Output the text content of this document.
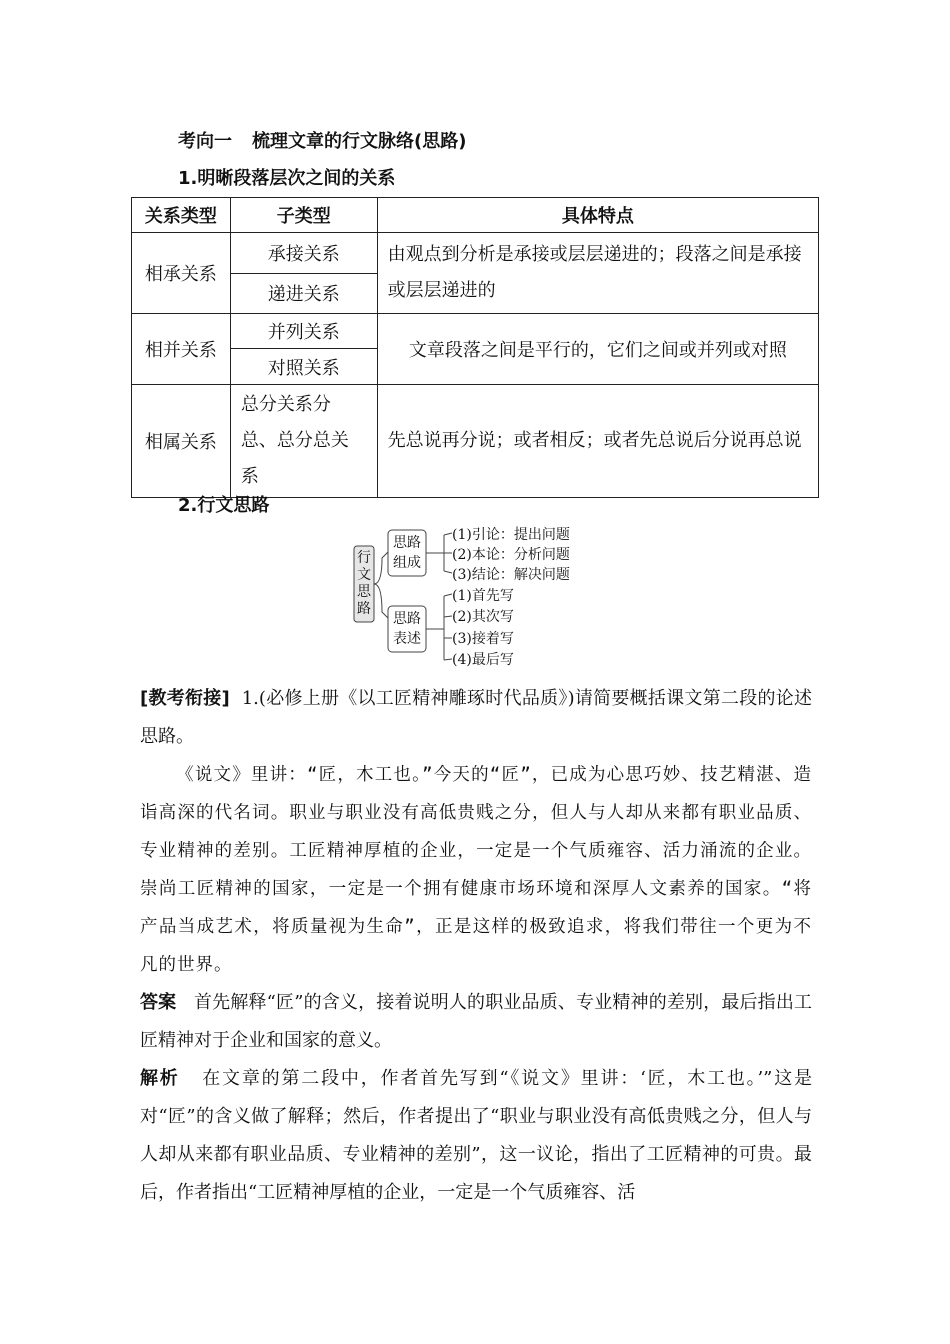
考向一 梳理文章的行文脉络(思路)
1.明晰段落层次之间的关系
关系类型	子类型	具体特点
相承关系	承接关系	由观点到分析是承接或层层递进的；段落之间是承接或层层递进的
	递进关系	
相并关系	并列关系	文章段落之间是平行的，它们之间或并列或对照
	对照关系	
相属关系	总分关系分总、总分总关系	先总说再分说；或者相反；或者先总说后分说再总说
2.行文思路
行文思路
思路组成
思路表述
(1)引论：提出问题
(2)本论：分析问题
(3)结论：解决问题
(1)首先写
(2)其次写
(3)接着写
(4)最后写
[教考衔接] 1.(必修上册《以工匠精神雕琢时代品质》)请简要概括课文第二段的论述思路。
《说文》里讲：“匠，木工也。”今天的“匠”，已成为心思巧妙、技艺精湛、造诣高深的代名词。职业与职业没有高低贵贱之分，但人与人却从来都有职业品质、专业精神的差别。工匠精神厚植的企业，一定是一个气质雍容、活力涌流的企业。崇尚工匠精神的国家，一定是一个拥有健康市场环境和深厚人文素养的国家。“将产品当成艺术，将质量视为生命”，正是这样的极致追求，将我们带往一个更为不凡的世界。
答案 首先解释“匠”的含义，接着说明人的职业品质、专业精神的差别，最后指出工匠精神对于企业和国家的意义。
解析 在文章的第二段中，作者首先写到“《说文》里讲：‘匠，木工也。’”这是对“匠”的含义做了解释；然后，作者提出了“职业与职业没有高低贵贱之分，但人与人却从来都有职业品质、专业精神的差别”，这一议论，指出了工匠精神的可贵。最后，作者指出“工匠精神厚植的企业，一定是一个气质雍容、活
